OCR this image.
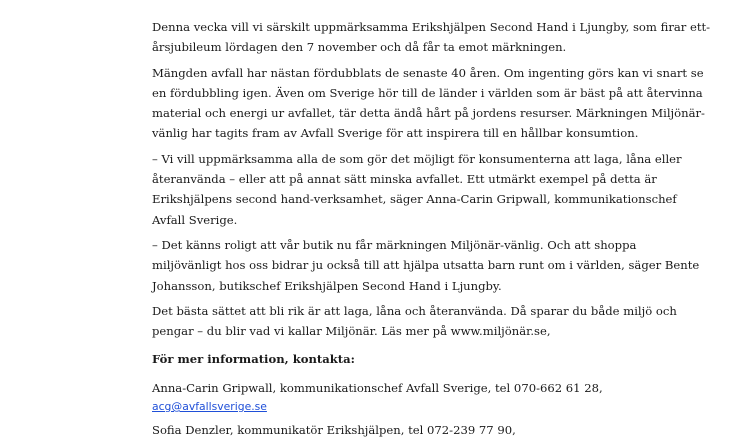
Denna vecka vill vi särskilt uppmärksamma Erikshjälpen Second Hand i Ljungby, som firar ett-
årsjubileum lördagen den 7 november och då får ta emot märkningen.

Mängden avfall har nästan fördubblats de senaste 40 åren. Om ingenting görs kan vi snart se
en fördubbling igen. Även om Sverige hör till de länder i världen som är bäst på att återvinna
material och energi ur avfallet, tär detta ändå hårt på jordens resurser. Märkningen Miljönär-
vänlig har tagits fram av Avfall Sverige för att inspirera till en hållbar konsumtion.

– Vi vill uppmärksamma alla de som gör det möjligt för konsumenterna att laga, låna eller
återanvända – eller att på annat sätt minska avfallet. Ett utmärkt exempel på detta är
Erikshjälpens second hand-verksamhet, säger Anna-Carin Gripwall, kommunikationschef
Avfall Sverige.

– Det känns roligt att vår butik nu får märkningen Miljönär-vänlig. Och att shoppa
miljövänligt hos oss bidrar ju också till att hjälpa utsatta barn runt om i världen, säger Bente
Johansson, butikschef Erikshjälpen Second Hand i Ljungby.

Det bästa sättet att bli rik är att laga, låna och återanvända. Då sparar du både miljö och
pengar – du blir vad vi kallar Miljönär. Läs mer på www.miljönär.se,

För mer information, kontakta:

Anna-Carin Gripwall, kommunikationschef Avfall Sverige, tel 070-662 61 28,
acg@avfallsverige.se
Sofia Denzler, kommunikatör Erikshjälpen, tel 072-239 77 90,
